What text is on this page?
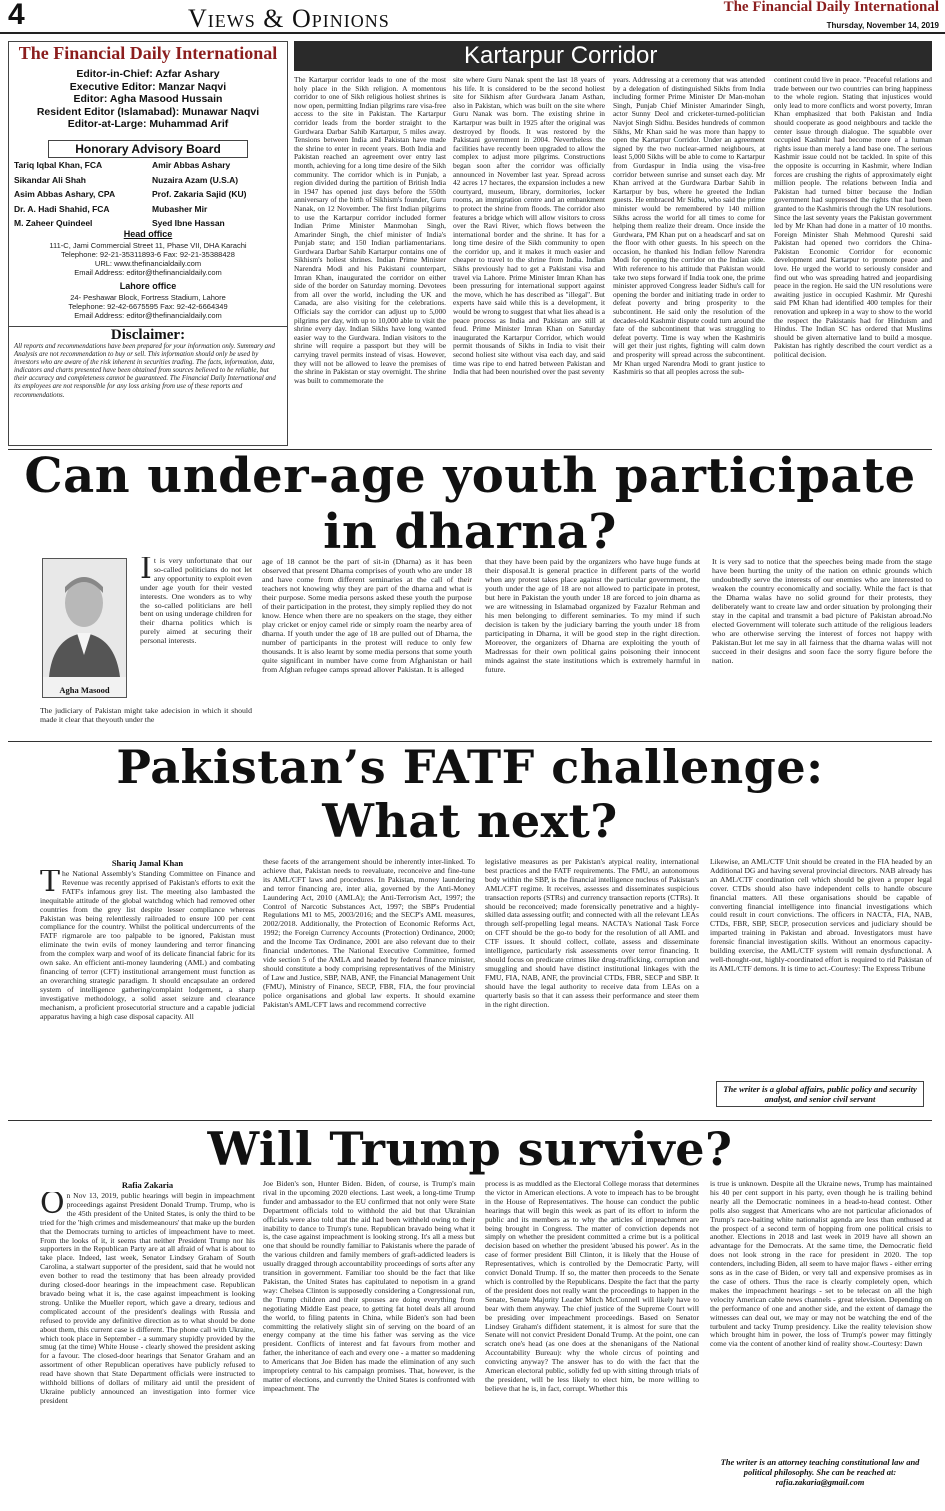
4	Views & Opinions	The Financial Daily International
Thursday, November 14, 2019
The Financial Daily International
Editor-in-Chief: Azfar Ashary
Executive Editor: Manzar Naqvi
Editor: Agha Masood Hussain
Resident Editor (Islamabad): Munawar Naqvi
Editor-at-Large: Muhammad Arif
Honorary Advisory Board
Tariq Iqbal Khan, FCA
Sikandar Ali Shah
Asim Abbas Ashary, CPA
Dr. A. Hadi Shahid, FCA
M. Zaheer Quindeel
Amir Abbas Ashary
Nuzaira Azam (U.S.A)
Prof. Zakaria Sajid (KU)
Mubasher Mir
Syed Ibne Hassan
Head office
111-C, Jami Commercial Street 11, Phase VII, DHA Karachi
Telephone: 92-21-35311893-6 Fax: 92-21-35388428
URL: www.thefinancialdaily.com
Email Address: editor@thefinancialdaily.com
Lahore office
24- Peshawar Block, Fortress Stadium, Lahore
Telephone: 92-42-6675595 Fax: 92-42-6664349
Email Address: editor@thefinancialdaily.com
Disclaimer:
All reports and recommendations have been prepared for your information only. Summary and Analysis are not recommendation to buy or sell. This information should only be used by investors who are aware of the risk inherent in securities trading. The facts, information, data, indicators and charts presented have been obtained from sources believed to be reliable, but their accuracy and completeness cannot be guaranteed. The Financial Daily International and its employees are not responsible for any loss arising from use of these reports and recommendations.
Kartarpur Corridor
The Kartarpur corridor leads to one of the most holy place in the Sikh religion. A momentous corridor to one of Sikh religious holiest shrines is now open, permitting Indian pilgrims rare visa-free access to the site in Pakistan. The Kartarpur corridor leads from the border straight to the Gurdwara Darbar Sahib Kartarpur, 5 miles away. Tensions between India and Pakistan have made the shrine to enter in recent years. Both India and Pakistan reached an agreement over entry last month, achieving for a long time desire of the Sikh community. The corridor which is in Punjab, a region divided during the partition of British India in 1947 has opened just days before the 550th anniversary of the birth of Sikhism's founder, Guru Nanak, on 12 November. The first Indian pilgrims to use the Kartarpur corridor included former Indian Prime Minister Manmohan Singh, Amarinder Singh, the chief minister of India's Punjab state; and 150 Indian parliamentarians. Gurdwara Darbar Sahib Kartarpur contains one of Sikhism's holiest shrines. Indian Prime Minister Narendra Modi and his Pakistani counterpart, Imran Khan, inaugurated the corridor on either side of the border on Saturday morning. Devotees from all over the world, including the UK and Canada, are also visiting for the celebrations. Officials say the corridor can adjust up to 5,000 pilgrims per day, with up to 10,000 able to visit the shrine every day. Indian Sikhs have long wanted easier way to the Gurdwara. Indian visitors to the shrine will require a passport but they will be carrying travel permits instead of visas. However, they will not be allowed to leave the premises of the shrine in Pakistan or stay overnight. The shrine was built to commemorate the
site where Guru Nanak spent the last 18 years of his life. It is considered to be the second holiest site for Sikhism after Gurdwara Janam Asthan, also in Pakistan, which was built on the site where Guru Nanak was born. The existing shrine in Kartarpur was built in 1925 after the original was destroyed by floods. It was restored by the Pakistani government in 2004. Nevertheless the facilities have recently been upgraded to allow the complex to adjust more pilgrims. Constructions began soon after the corridor was officially announced in November last year. Spread across 42 acres 17 hectares, the expansion includes a new courtyard, museum, library, dormitories, locker rooms, an immigration centre and an embankment to protect the shrine from floods. The corridor also features a bridge which will allow visitors to cross over the Ravi River, which flows between the international border and the shrine. It has for a long time desire of the Sikh community to open the corridor up, and it makes it much easier and cheaper to travel to the shrine from India. Indian Sikhs previously had to get a Pakistani visa and travel via Lahore. Prime Minister Imran Khan has been pressuring for international support against the move, which he has described as "illegal". But experts have said while this is a development, it would be wrong to suggest that what lies ahead is a peace process as India and Pakistan are still at feud. Prime Minister Imran Khan on Saturday inaugurated the Kartarpur Corridor, which would permit thousands of Sikhs in India to visit their second holiest site without visa each day, and said time was ripe to end hatred between Pakistan and India that had been nourished over the past seventy
years. Addressing at a ceremony that was attended by a delegation of distinguished Sikhs from India including former Prime Minister Dr Man-mohan Singh, Punjab Chief Minister Amarinder Singh, actor Sunny Deol and cricketer-turned-politician Navjot Singh Sidhu. Besides hundreds of common Sikhs, Mr Khan said he was more than happy to open the Kartarpur Corridor. Under an agreement signed by the two nuclear-armed neighbours, at least 5,000 Sikhs will be able to come to Kartarpur from Gurdaspur in India using the visa-free corridor between sunrise and sunset each day. Mr Khan arrived at the Gurdwara Darbar Sahib in Kartarpur by bus, where he greeted the Indian guests. He embraced Mr Sidhu, who said the prime minister would be remembered by 140 million Sikhs across the world for all times to come for helping them realize their dream. Once inside the Gurdwara, PM Khan put on a headscarf and sat on the floor with other guests. In his speech on the occasion, he thanked his Indian fellow Narendra Modi for opening the corridor on the Indian side. With reference to his attitude that Pakistan would take two steps forward if India took one, the prime minister approved Congress leader Sidhu's call for opening the border and initiating trade in order to defeat poverty and bring prosperity to the subcontinent. He said only the resolution of the decades-old Kashmir dispute could turn around the fate of the subcontinent that was struggling to defeat poverty. Time is way when the Kashmiris will get their just rights, fighting will calm down and prosperity will spread across the subcontinent. Mr Khan urged Narendra Modi to grant justice to Kashmiris so that all peoples across the sub-
continent could live in peace. "Peaceful relations and trade between our two countries can bring happiness to the whole region. Stating that injustices would only lead to more conflicts and worst poverty, Imran Khan emphasized that both Pakistan and India should cooperate as good neighbours and tackle the center issue through dialogue. The squabble over occupied Kashmir had become more of a human rights issue than merely a land base one. The serious Kashmir issue could not be tackled. In spite of this the opposite is occurring in Kashmir, where Indian forces are crushing the rights of approximately eight million people. The relations between India and Pakistan had turned bitter because the Indian government had suppressed the rights that had been granted to the Kashmiris through the UN resolutions. Since the last seventy years the Pakistan government led by Mr Khan had done in a matter of 10 months. Foreign Minister Shah Mehmood Qureshi said Pakistan had opened two corridors the China-Pakistan Economic Corridor for economic development and Kartarpur to promote peace and love. He urged the world to seriously consider and find out who was spreading hatred and jeopardising peace in the region. He said the UN resolutions were awaiting justice in occupied Kashmir. Mr Qureshi said PM Khan had identified 400 temples for their renovation and upkeep in a way to show to the world the respect the Pakistanis had for Hinduism and Hindus. The Indian SC has ordered that Muslims should be given alternative land to build a mosque. Pakistan has rightly described the court verdict as a political decision.
Can under-age youth participate
in dharna?
Agha Masood
It is very unfortunate that our so-called politicians do not let any opportunity to exploit even under age youth for their vested interests. One wonders as to why the so-called politicians are hell bent on using underage children for their dharna politics which is purely aimed at securing their personal interests.
The judiciary of Pakistan might take adecision in which it should made it clear that theyouth under the
age of 18 cannot be the part of sit-in (Dharna) as it has been observed that present Dharna comprises of youth who are under 18 and have come from different seminaries at the call of their teachers not knowing why they are part of the dharna and what is their purpose. Some media persons asked these youth the purpose of their participation in the protest, they simply replied they do not know. Hence when there are no speakers on the stage, they either play cricket or enjoy camel ride or simply roam the nearby area of dharna. If youth under the age of 18 are pulled out of Dharna, the number of participants in the protest will reduce to only few thousands. It is also learnt by some media persons that some youth quite significant in number have come from Afghanistan or hail from Afghan refugee camps spread allover Pakistan. It is alleged
that they have been paid by the organizers who have huge funds at their disposal.It is general practice in different parts of the world when any protest takes place against the particular government, the youth under the age of 18 are not allowed to participate in protest, but here in Pakistan the youth under 18 are forced to join dharna as we are witnessing in Islamabad organized by Fazalur Rehman and his men belonging to different seminaries. To my mind if such decision is taken by the judiciary barring the youth under 18 from participating in Dharna, it will be good step in the right direction. Moreover, the organizers of Dharna are exploiting the youth of Madressas for their own political gains poisoning their innocent minds against the state institutions which is extremely harmful in future.
It is very sad to notice that the speeches being made from the stage have been hurting the unity of the nation on ethnic grounds which undoubtedly serve the interests of our enemies who are interested to weaken the country economically and socially. While the fact is that the Dharna walas have no solid ground for their protests, they deliberately want to create law and order situation by prolonging their stay in the capital and transmit a bad picture of Pakistan abroad.No elected Government will tolerate such attitude of the religious leaders who are otherwise serving the interest of forces not happy with Pakistan.But let me say in all fairness that the dharna walas will not succeed in their designs and soon face the sorry figure before the nation.
Pakistan’s FATF challenge:
What next?
Shariq Jamal Khan
The National Assembly's Standing Committee on Finance and Revenue was recently apprised of Pakistan's efforts to exit the FATF's infamous grey list. The meeting also lambasted the inequitable attitude of the global watchdog which had removed other countries from the grey list despite lesser compliance whereas Pakistan was being relentlessly railroaded to ensure 100 per cent compliance for the country. Whilst the political undercurrents of the FATF rigmarole are too palpable to be ignored, Pakistan must eliminate the twin evils of money laundering and terror financing from the complex warp and woof of its delicate financial fabric for its own sake. An efficient anti-money laundering (AML) and combating financing of terror (CFT) institutional arrangement must function as an overarching strategic paradigm. It should encapsulate an ordered system of intelligence gathering/complaint lodgement, a sharp investigative methodology, a solid asset seizure and clearance mechanism, a proficient prosecutorial structure and a capable judicial apparatus having a high case disposal capacity. All
these facets of the arrangement should be inherently inter-linked. To achieve that, Pakistan needs to reevaluate, reconceive and fine-tune its AML/CFT laws and procedures. In Pakistan, money laundering and terror financing are, inter alia, governed by the Anti-Money Laundering Act, 2010 (AMLA); the Anti-Terrorism Act, 1997; the Control of Narcotic Substances Act, 1997; the SBP's Prudential Regulations M1 to M5, 2003/2016; and the SECP's AML measures, 2002/2018. Additionally, the Protection of Economic Reforms Act, 1992; the Foreign Currency Accounts (Protection) Ordinance, 2000; and the Income Tax Ordinance, 2001 are also relevant due to their financial undertones. The National Executive Committee, formed vide section 5 of the AMLA and headed by federal finance minister, should constitute a body comprising representatives of the Ministry of Law and Justice, SBP, NAB, ANF, the Financial Management Unit (FMU), Ministry of Finance, SECP, FBR, FIA, the four provincial police organisations and global law experts. It should examine Pakistan's AML/CFT laws and recommend corrective
legislative measures as per Pakistan's atypical reality, international best practices and the FATF requirements. The FMU, an autonomous body within the SBP, is the financial intelligence nucleus of Pakistan's AML/CFT regime. It receives, assesses and disseminates suspicious transaction reports (STRs) and currency transaction reports (CTRs). It should be reconceived; made forensically penetrative and a highly-skilled data assessing outfit; and connected with all the relevant LEAs through self-propelling legal means. NACTA's National Task Force on CFT should be the go-to body for the resolution of all AML and CTF issues. It should collect, collate, assess and disseminate intelligence, particularly risk assessments over terror financing. It should focus on predicate crimes like drug-trafficking, corruption and smuggling and should have distinct institutional linkages with the FMU, FIA, NAB, ANF, the provincial CTDs, FBR, SECP and SBP. It should have the legal authority to receive data from LEAs on a quarterly basis so that it can assess their performance and steer them in the right direction.
Likewise, an AML/CTF Unit should be created in the FIA headed by an Additional DG and having several provincial directors. NAB already has an AML/CTF coordination cell which should be given a proper legal cover. CTDs should also have independent cells to handle obscure financial matters. All these organisations should be capable of converting financial intelligence into financial investigations which could result in court convictions. The officers in NACTA, FIA, NAB, CTDs, FBR, SBP, SECP, prosecution services and judiciary should be imparted training in Pakistan and abroad. Investigators must have forensic financial investigation skills. Without an enormous capacity-building exercise, the AML/CTF system will remain dysfunctional. A well-thought-out, highly-coordinated effort is required to rid Pakistan of its AML/CTF demons. It is time to act.-Courtesy: The Express Tribune
The writer is a global affairs, public policy and security analyst, and senior civil servant
Will Trump survive?
Rafia Zakaria
On Nov 13, 2019, public hearings will begin in impeachment proceedings against President Donald Trump. Trump, who is the 45th president of the United States, is only the third to be tried for the 'high crimes and misdemeanours' that make up the burden that the Democrats turning to articles of impeachment have to meet. From the looks of it, it seems that neither President Trump nor his supporters in the Republican Party are at all afraid of what is about to take place. Indeed, last week, Senator Lindsey Graham of South Carolina, a stalwart supporter of the president, said that he would not even bother to read the testimony that has been already provided during closed-door hearings in the impeachment case. Republican bravado being what it is, the case against impeachment is looking strong. Unlike the Mueller report, which gave a dreary, tedious and complicated account of the president's dealings with Russia and refused to provide any definitive direction as to what should be done about them, this current case is different. The phone call with Ukraine, which took place in September - a summary stupidly provided by the smug (at the time) White House - clearly showed the president asking for a favour. The closed-door hearings that Senator Graham and an assortment of other Republican operatives have publicly refused to read have shown that State Department officials were instructed to withhold billions of dollars of military aid until the president of Ukraine publicly announced an investigation into former vice president
Joe Biden's son, Hunter Biden. Biden, of course, is Trump's main rival in the upcoming 2020 elections. Last week, a long-time Trump funder and ambassador to the EU confirmed that not only were State Department officials told to withhold the aid but that Ukrainian officials were also told that the aid had been withheld owing to their inability to dance to Trump's tune. Republican bravado being what it is, the case against impeachment is looking strong. It's all a mess but one that should be roundly familiar to Pakistanis where the parade of the various children and family members of graft-addicted leaders is usually dragged through accountability proceedings of sorts after any transition in government. Familiar too should be the fact that like Pakistan, the United States has capitulated to nepotism in a grand way: Chelsea Clinton is supposedly considering a Congressional run, the Trump children and their spouses are doing everything from negotiating Middle East peace, to getting fat hotel deals all around the world, to filing patents in China, while Biden's son had been committing the relatively slight sin of serving on the board of an energy company at the time his father was serving as the vice president. Conflicts of interest and fat favours from mother and father, the inheritance of each and every one - a matter so maddening to Americans that Joe Biden has made the elimination of any such impropriety central to his campaign promises. That, however, is the matter of elections, and currently the United States is confronted with impeachment. The
process is as muddled as the Electoral College morass that determines the victor in American elections. A vote to impeach has to be brought in the House of Representatives. The house can conduct the public hearings that will begin this week as part of its effort to inform the public and its members as to why the articles of impeachment are being brought in Congress. The matter of conviction depends not simply on whether the president committed a crime but is a political decision based on whether the president 'abused his power'. As in the case of former president Bill Clinton, it is likely that the House of Representatives, which is controlled by the Democratic Party, will convict Donald Trump. If so, the matter then proceeds to the Senate which is controlled by the Republicans. Despite the fact that the party of the president does not really want the proceedings to happen in the Senate, Senate Majority Leader Mitch McConnell will likely have to bear with them anyway. The chief justice of the Supreme Court will be presiding over impeachment proceedings. Based on Senator Lindsey Graham's diffident statement, it is almost for sure that the Senate will not convict President Donald Trump. At the point, one can scratch one's head (as one does at the shenanigans of the National Accountability Bureau): why the whole circus of pointing and convicting anyway? The answer has to do with the fact that the American electoral public, solidly fed up with sitting through trials of the president, will be less likely to elect him, be more willing to believe that he is, in fact, corrupt. Whether this
is true is unknown. Despite all the Ukraine news, Trump has maintained his 40 per cent support in his party, even though he is trailing behind nearly all the Democratic nominees in a head-to-head contest. Other polls also suggest that Americans who are not particular aficionados of Trump's race-baiting white nationalist agenda are less than enthused at the prospect of a second term of hopping from one political crisis to another. Elections in 2018 and last week in 2019 have all shown an advantage for the Democrats. At the same time, the Democratic field does not look strong in the race for president in 2020. The top contenders, including Biden, all seem to have major flaws - either erring sons as in the case of Biden, or very tall and expensive promises as in the case of others. Thus the race is clearly completely open, which makes the impeachment hearings - set to be telecast on all the high velocity American cable news channels - great television. Depending on the performance of one and another side, and the extent of damage the witnesses can deal out, we may or may not be watching the end of the turbulent and tacky Trump presidency. Like the reality television show which brought him in power, the loss of Trump's power may fittingly come via the content of another kind of reality show.-Courtesy: Dawn
The writer is an attorney teaching constitutional law and political philosophy. She can be reached at: rafia.zakaria@gmail.com
